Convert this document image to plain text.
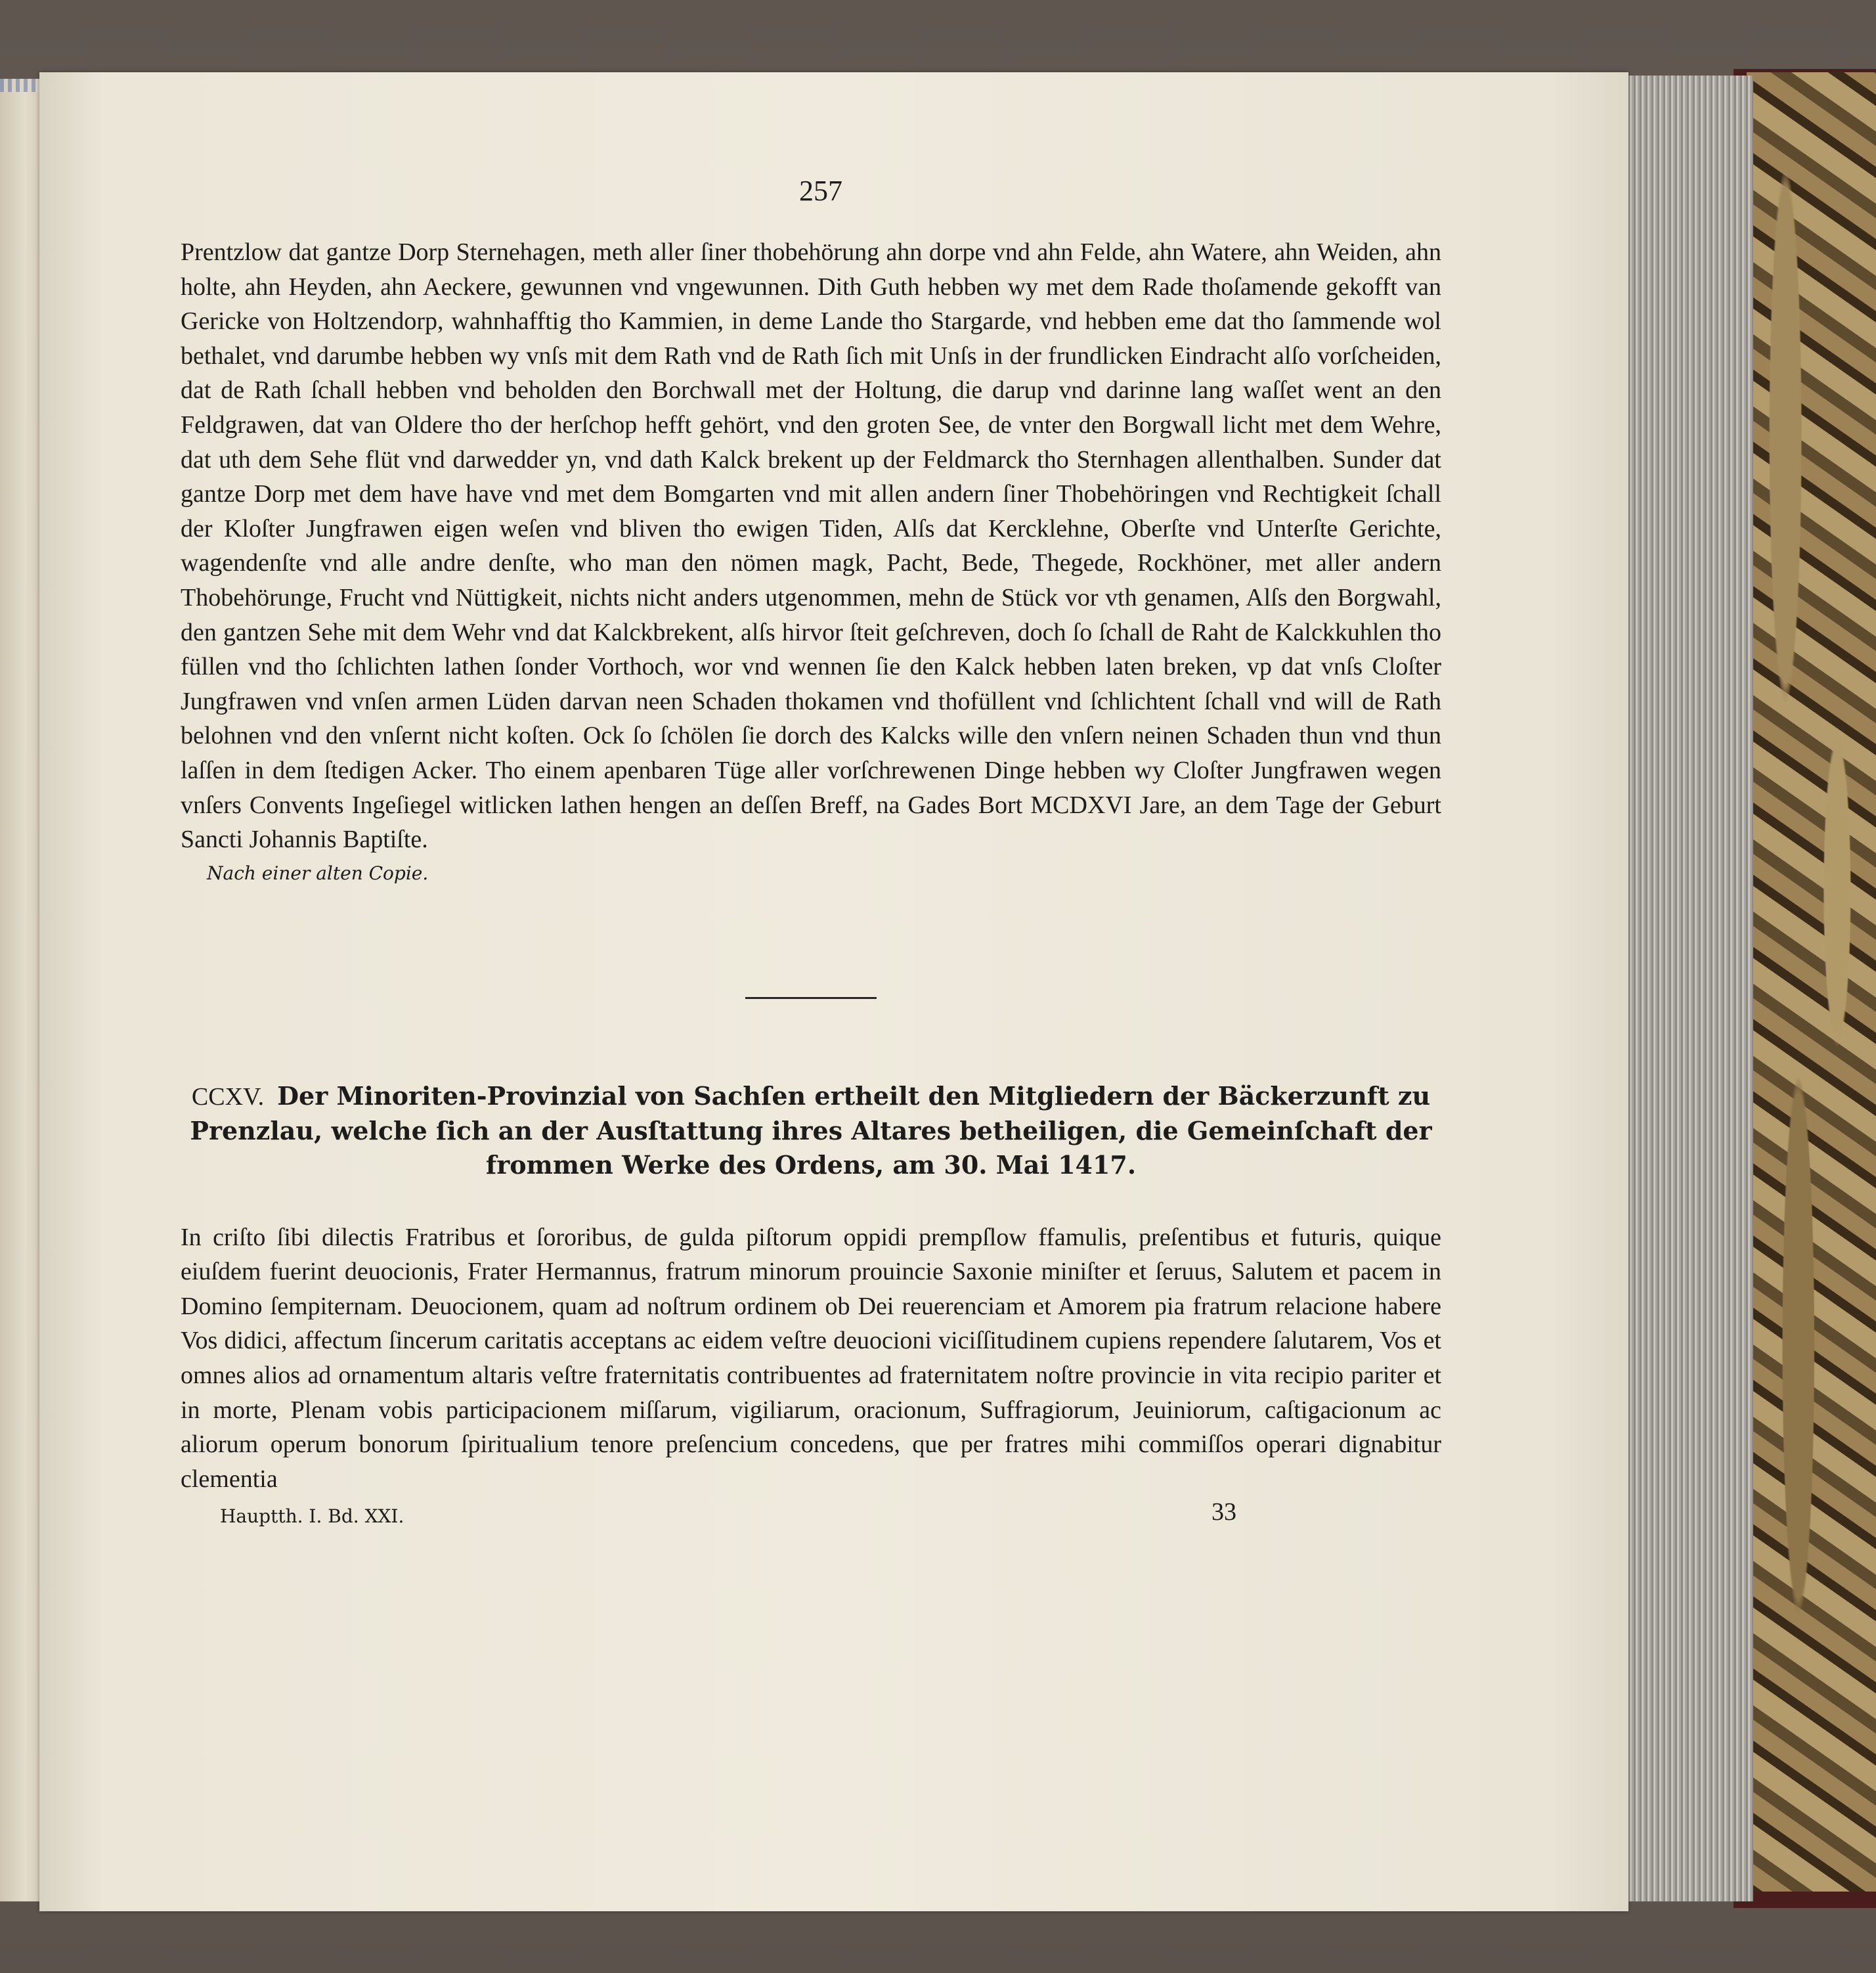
257

Prentzlow dat gantze Dorp Sternehagen, meth aller ſiner thobehörung ahn dorpe vnd ahn Felde, ahn Watere, ahn Weiden, ahn holte, ahn Heyden, ahn Aeckere, gewunnen vnd vngewunnen. Dith Guth hebben wy met dem Rade thoſamende gekofft van Gericke von Holtzendorp, wahnhafftig tho Kammien, in deme Lande tho Stargarde, vnd hebben eme dat tho ſammende wol bethalet, vnd darumbe hebben wy vnſs mit dem Rath vnd de Rath ſich mit Unſs in der frundlicken Eindracht alſo vorſcheiden, dat de Rath ſchall hebben vnd beholden den Borchwall met der Holtung, die darup vnd darinne lang waſſet went an den Feldgrawen, dat van Oldere tho der herſchop hefft gehört, vnd den groten See, de vnter den Borgwall licht met dem Wehre, dat uth dem Sehe flüt vnd darwedder yn, vnd dath Kalck brekent up der Feldmarck tho Sternhagen allenthalben. Sunder dat gantze Dorp met dem have have vnd met dem Bomgarten vnd mit allen andern ſiner Thobehöringen vnd Rechtigkeit ſchall der Kloſter Jungfrawen eigen weſen vnd bliven tho ewigen Tiden, Alſs dat Kercklehne, Oberſte vnd Unterſte Gerichte, wagendenſte vnd alle andre denſte, who man den nömen magk, Pacht, Bede, Thegede, Rockhöner, met aller andern Thobehörunge, Frucht vnd Nüttigkeit, nichts nicht anders utgenommen, mehn de Stück vor vth genamen, Alſs den Borgwahl, den gantzen Sehe mit dem Wehr vnd dat Kalckbrekent, alſs hirvor ſteit geſchreven, doch ſo ſchall de Raht de Kalckkuhlen tho füllen vnd tho ſchlichten lathen ſonder Vorthoch, wor vnd wennen ſie den Kalck hebben laten breken, vp dat vnſs Cloſter Jungfrawen vnd vnſen armen Lüden darvan neen Schaden thokamen vnd thofüllent vnd ſchlichtent ſchall vnd will de Rath belohnen vnd den vnſernt nicht koſten. Ock ſo ſchölen ſie dorch des Kalcks wille den vnſern neinen Schaden thun vnd thun laſſen in dem ſtedigen Acker. Tho einem apenbaren Tüge aller vorſchrewenen Dinge hebben wy Cloſter Jungfrawen wegen vnſers Convents Ingeſiegel witlicken lathen hengen an deſſen Breff, na Gades Bort MCDXVI Jare, an dem Tage der Geburt Sancti Johannis Baptiſte.

Nach einer alten Copie.
CCXV. Der Minoriten-Provinzial von Sachſen ertheilt den Mitgliedern der Bäckerzunft zu
Prenzlau, welche ſich an der Ausſtattung ihres Altares betheiligen, die Gemeinſchaft der
frommen Werke des Ordens, am 30. Mai 1417.

In criſto ſibi dilectis Fratribus et ſororibus, de gulda piſtorum oppidi prempſlow ffamulis, preſentibus et futuris, quique eiuſdem fuerint deuocionis, Frater Hermannus, fratrum minorum prouincie Saxonie miniſter et ſeruus, Salutem et pacem in Domino ſempiternam. Deuocionem, quam ad noſtrum ordinem ob Dei reuerenciam et Amorem pia fratrum relacione habere Vos didici, affectum ſincerum caritatis acceptans ac eidem veſtre deuocioni viciſſitudinem cupiens rependere ſalutarem, Vos et omnes alios ad ornamentum altaris veſtre fraternitatis contribuentes ad fraternitatem noſtre provincie in vita recipio pariter et in morte, Plenam vobis participacionem miſſarum, vigiliarum, oracionum, Suffragiorum, Jeuiniorum, caſtigacionum ac aliorum operum bonorum ſpiritualium tenore preſencium concedens, que per fratres mihi commiſſos operari dignabitur clementia

Hauptth. I. Bd. XXI.	33
